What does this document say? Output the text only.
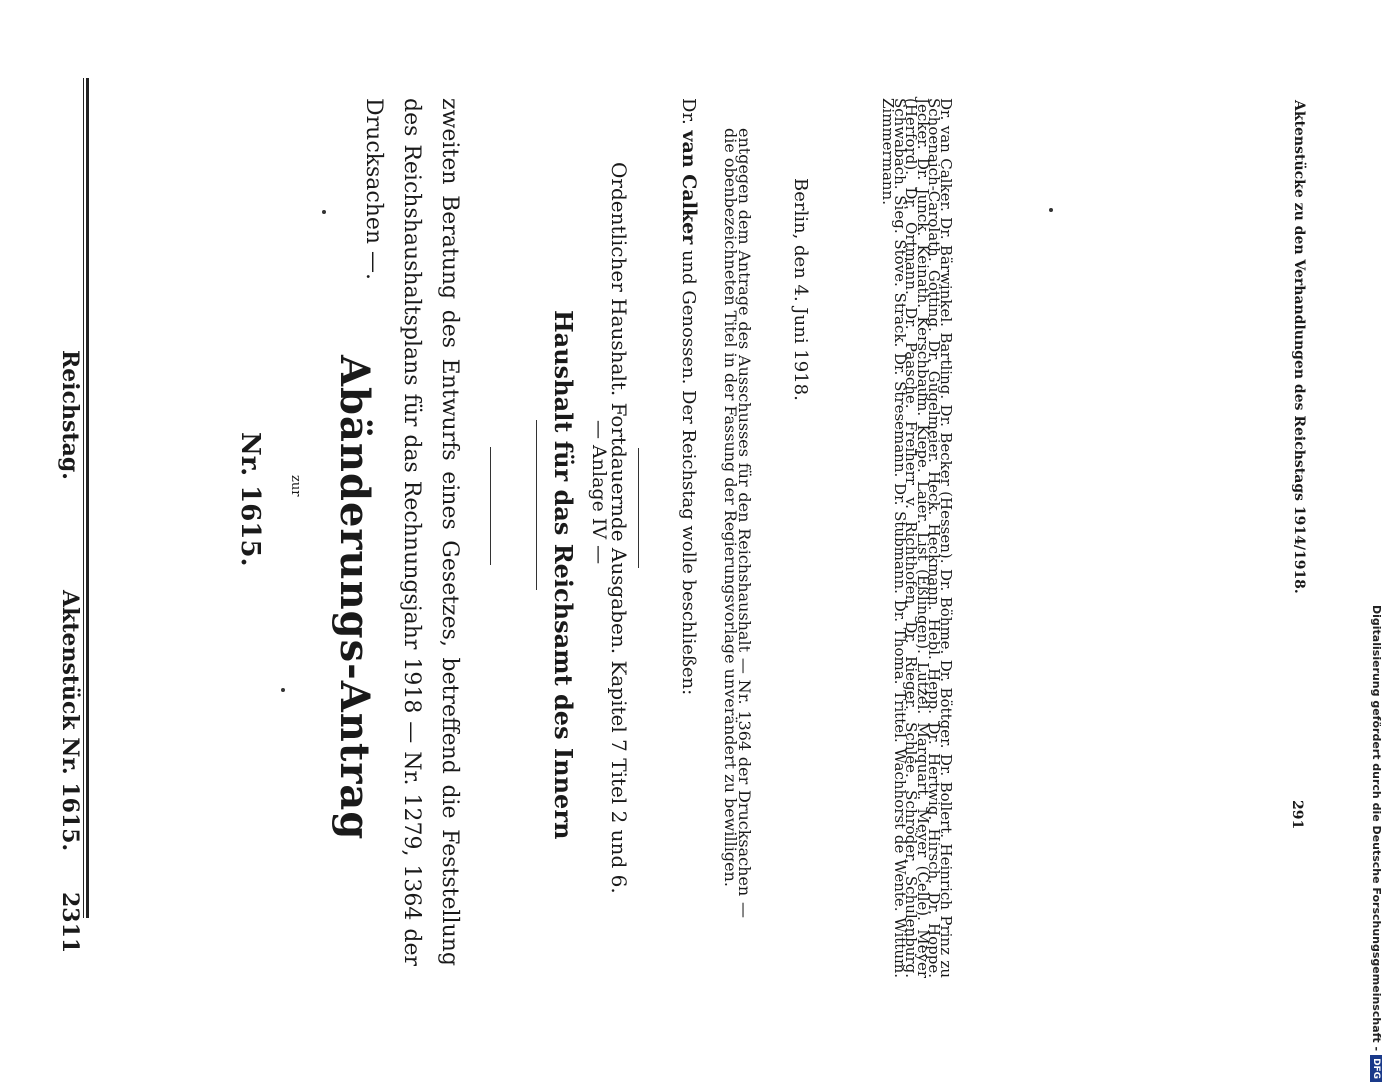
Reichstag.
Aktenstück Nr. 1615.
2311
Nr. 1615. zur Abänderungs-Antrag	zweiten Beratung des Entwurfs eines Gesetzes, betreffend die Feststellung des Reichshaushaltsplans für das Rechnungsjahr 1918 — Nr. 1279, 1364 der Drucksachen —.
Haushalt für das Reichsamt des Innern — Anlage IV —
Ordentlicher Haushalt. Fortdauernde Ausgaben. Kapitel 7 Titel 2 und 6.
Dr. van Calker und Genossen. Der Reichstag wolle beschließen:	entgegen dem Antrage des Ausschusses für den Reichshaushalt — Nr. 1364 der Drucksachen — die obenbezeichneten Titel in der Fassung der Regierungsvorlage unverändert zu bewilligen.	Berlin, den 4. Juni 1918.	Dr. van Calker. Dr. Bärwinkel. Bartling. Dr. Becker (Hessen). Dr. Böhme. Dr. Böttger. Dr. Bollert. Heinrich Prinz zu Schoenaich-Carolath. Götting. Dr. Gugelmeier. Heck. Heckmann. Hebl. Hepp. Dr. Hertwig. Hirsch. Dr. Hoppe. Jecker. Dr. Junck. Keinath. Kerschbaum. Kiepe. Laier. List (Eßlingen). Lützel. Marquart. Meyer (Celle). Meyer (Herford). Dr. Ortmann. Dr. Paasche. Freiherr v. Richthofen. Dr. Rieger. Schlee. Schröder. Schulenburg. Schwabach. Sieg. Stöve. Strack. Dr. Stresemann. Dr. Stubmann. Dr. Thoma. Trittel. Wachhorst de Wente. Wittum. Zimmermann.	Aktenstücke zu den Verhandlungen des Reichstags 1914/1918.
291	Digitalisierung gefördert durch die Deutsche Forschungsgemeinschaft -DFG
